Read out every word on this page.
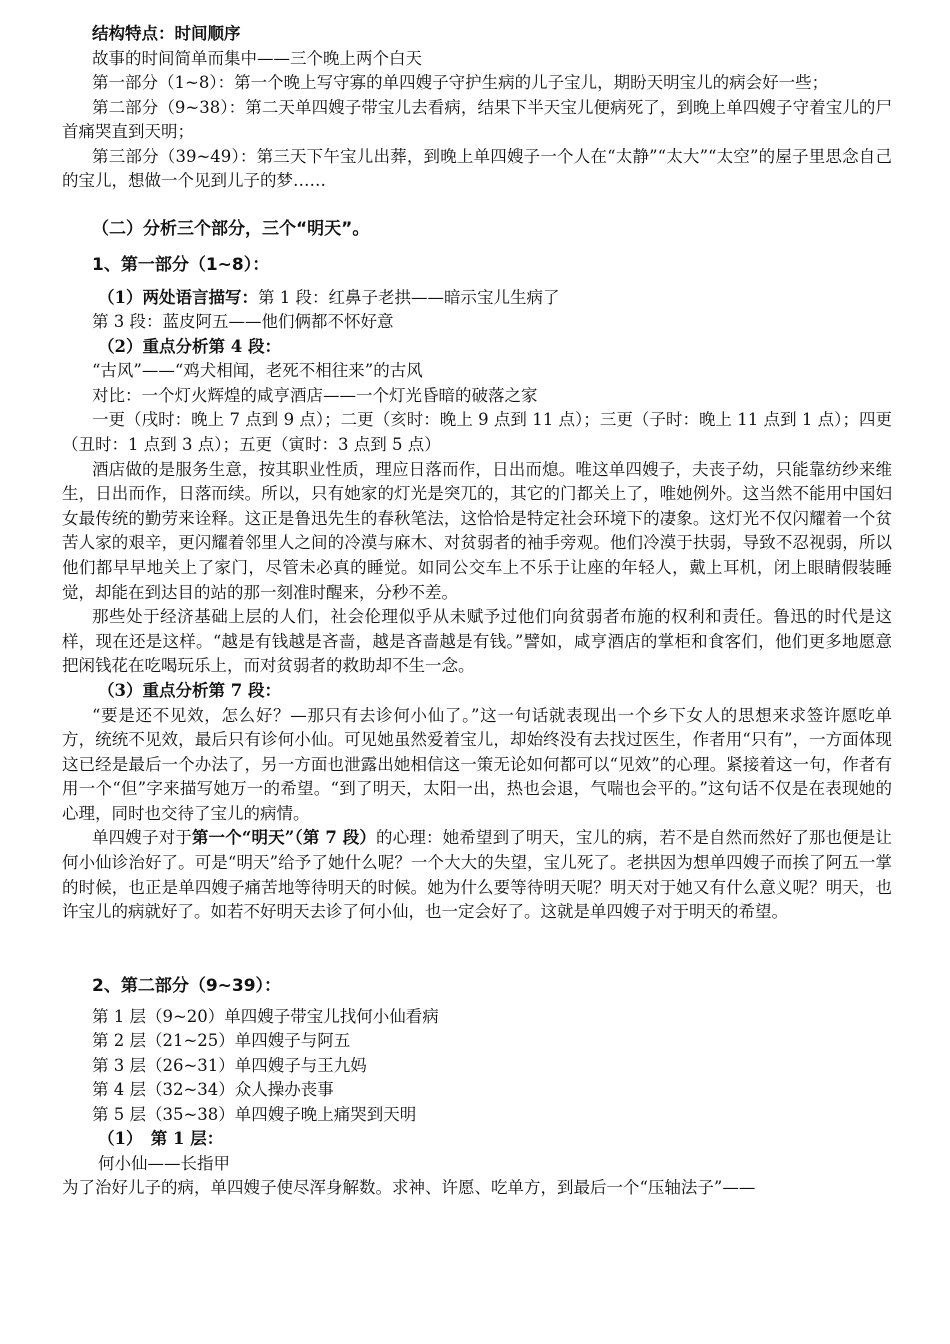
结构特点：时间顺序

故事的时间简单而集中——三个晚上两个白天

第一部分（1~8）：第一个晚上写守寡的单四嫂子守护生病的儿子宝儿，期盼天明宝儿的病会好一些；

第二部分（9~38）：第二天单四嫂子带宝儿去看病，结果下半天宝儿便病死了，到晚上单四嫂子守着宝儿的尸首痛哭直到天明；

第三部分（39~49）：第三天下午宝儿出葬，到晚上单四嫂子一个人在“太静”“太大”“太空”的屋子里思念自己的宝儿，想做一个见到儿子的梦……

（二）分析三个部分，三个“明天”。

1、第一部分（1~8）：

（1）两处语言描写：第 1 段：红鼻子老拱——暗示宝儿生病了

第 3 段：蓝皮阿五——他们俩都不怀好意

（2）重点分析第 4 段：

“古风”——“鸡犬相闻，老死不相往来”的古风

对比：一个灯火辉煌的咸亨酒店——一个灯光昏暗的破落之家

一更（戌时：晚上 7 点到 9 点）；二更（亥时：晚上 9 点到 11 点）；三更（子时：晚上 11 点到 1 点）；四更（丑时：1 点到 3 点）；五更（寅时：3 点到 5 点）

酒店做的是服务生意，按其职业性质，理应日落而作，日出而熄。唯这单四嫂子，夫丧子幼，只能靠纺纱来维生，日出而作，日落而续。所以，只有她家的灯光是突兀的，其它的门都关上了，唯她例外。这当然不能用中国妇女最传统的勤劳来诠释。这正是鲁迅先生的春秋笔法，这恰恰是特定社会环境下的凄象。这灯光不仅闪耀着一个贫苦人家的艰辛，更闪耀着邻里人之间的冷漠与麻木、对贫弱者的袖手旁观。他们冷漠于扶弱，导致不忍视弱，所以他们都早早地关上了家门，尽管未必真的睡觉。如同公交车上不乐于让座的年轻人，戴上耳机，闭上眼睛假装睡觉，却能在到达目的站的那一刻准时醒来，分秒不差。

那些处于经济基础上层的人们，社会伦理似乎从未赋予过他们向贫弱者布施的权利和责任。鲁迅的时代是这样，现在还是这样。“越是有钱越是吝啬，越是吝啬越是有钱。”譬如，咸亨酒店的掌柜和食客们，他们更多地愿意把闲钱花在吃喝玩乐上，而对贫弱者的救助却不生一念。

（3）重点分析第 7 段：

“要是还不见效，怎么好？—那只有去诊何小仙了。”这一句话就表现出一个乡下女人的思想来求签许愿吃单方，统统不见效，最后只有诊何小仙。可见她虽然爱着宝儿，却始终没有去找过医生，作者用“只有”，一方面体现这已经是最后一个办法了，另一方面也泄露出她相信这一策无论如何都可以“见效”的心理。紧接着这一句，作者有用一个“但”字来描写她万一的希望。“到了明天，太阳一出，热也会退，气喘也会平的。”这句话不仅是在表现她的心理，同时也交待了宝儿的病情。

单四嫂子对于第一个“明天”（第 7 段）的心理：她希望到了明天，宝儿的病，若不是自然而然好了那也便是让何小仙诊治好了。可是“明天”给予了她什么呢？一个大大的失望，宝儿死了。老拱因为想单四嫂子而挨了阿五一掌的时候，也正是单四嫂子痛苦地等待明天的时候。她为什么要等待明天呢？明天对于她又有什么意义呢？明天，也许宝儿的病就好了。如若不好明天去诊了何小仙，也一定会好了。这就是单四嫂子对于明天的希望。

2、第二部分（9~39）：

第 1 层（9~20）单四嫂子带宝儿找何小仙看病

第 2 层（21~25）单四嫂子与阿五

第 3 层（26~31）单四嫂子与王九妈

第 4 层（32~34）众人操办丧事

第 5 层（35~38）单四嫂子晚上痛哭到天明

（1）　第 1 层：

何小仙——长指甲

为了治好儿子的病，单四嫂子使尽浑身解数。求神、许愿、吃单方，到最后一个“压轴法子”——
